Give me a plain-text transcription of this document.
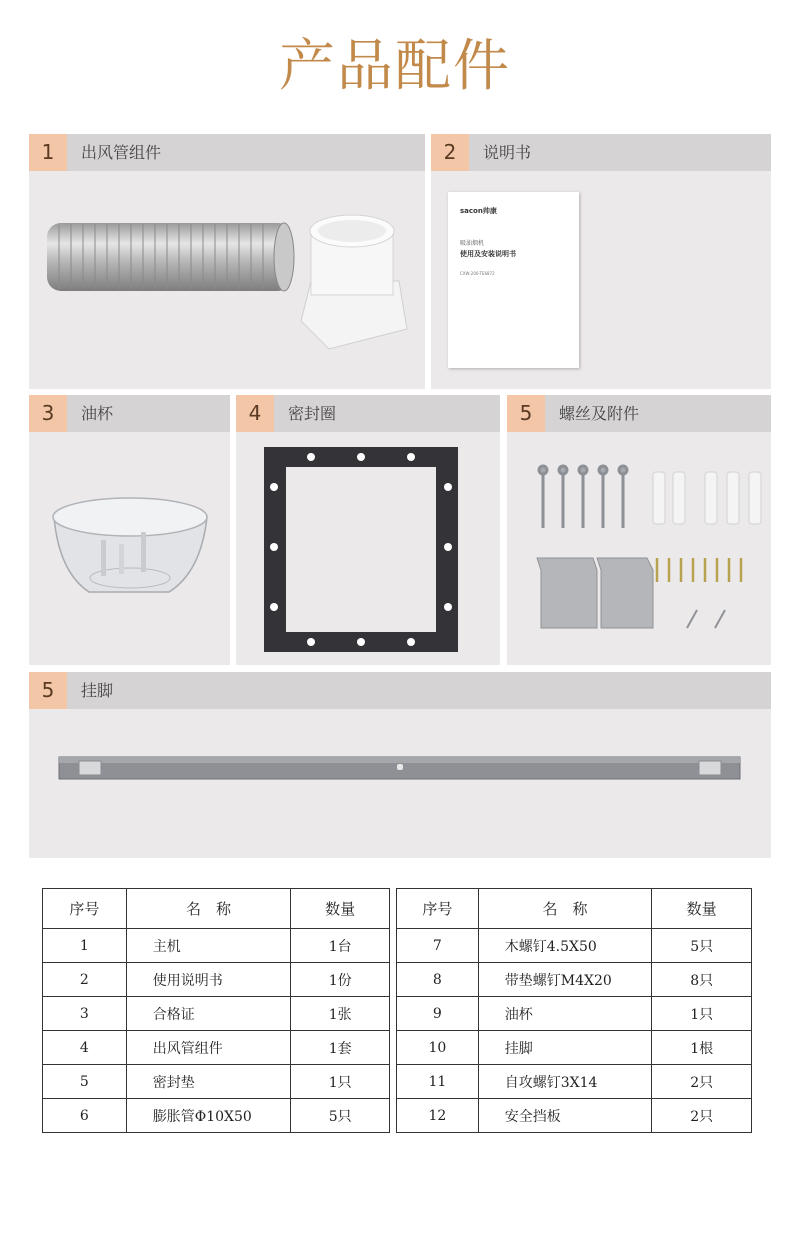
产品配件
1	出风管组件	2	说明书
sacon帅康
吸油烟机
使用及安装说明书
CXW-200-TE6872
3	油杯	4	密封圈	5	螺丝及附件
5	挂脚
序号	名　称	数量
1	主机	1台
2	使用说明书	1份
3	合格证	1张
4	出风管组件	1套
5	密封垫	1只
6	膨胀管Φ10X50	5只
序号	名　称	数量
7	木螺钉4.5X50	5只
8	带垫螺钉M4X20	8只
9	油杯	1只
10	挂脚	1根
11	自攻螺钉3X14	2只
12	安全挡板	2只
